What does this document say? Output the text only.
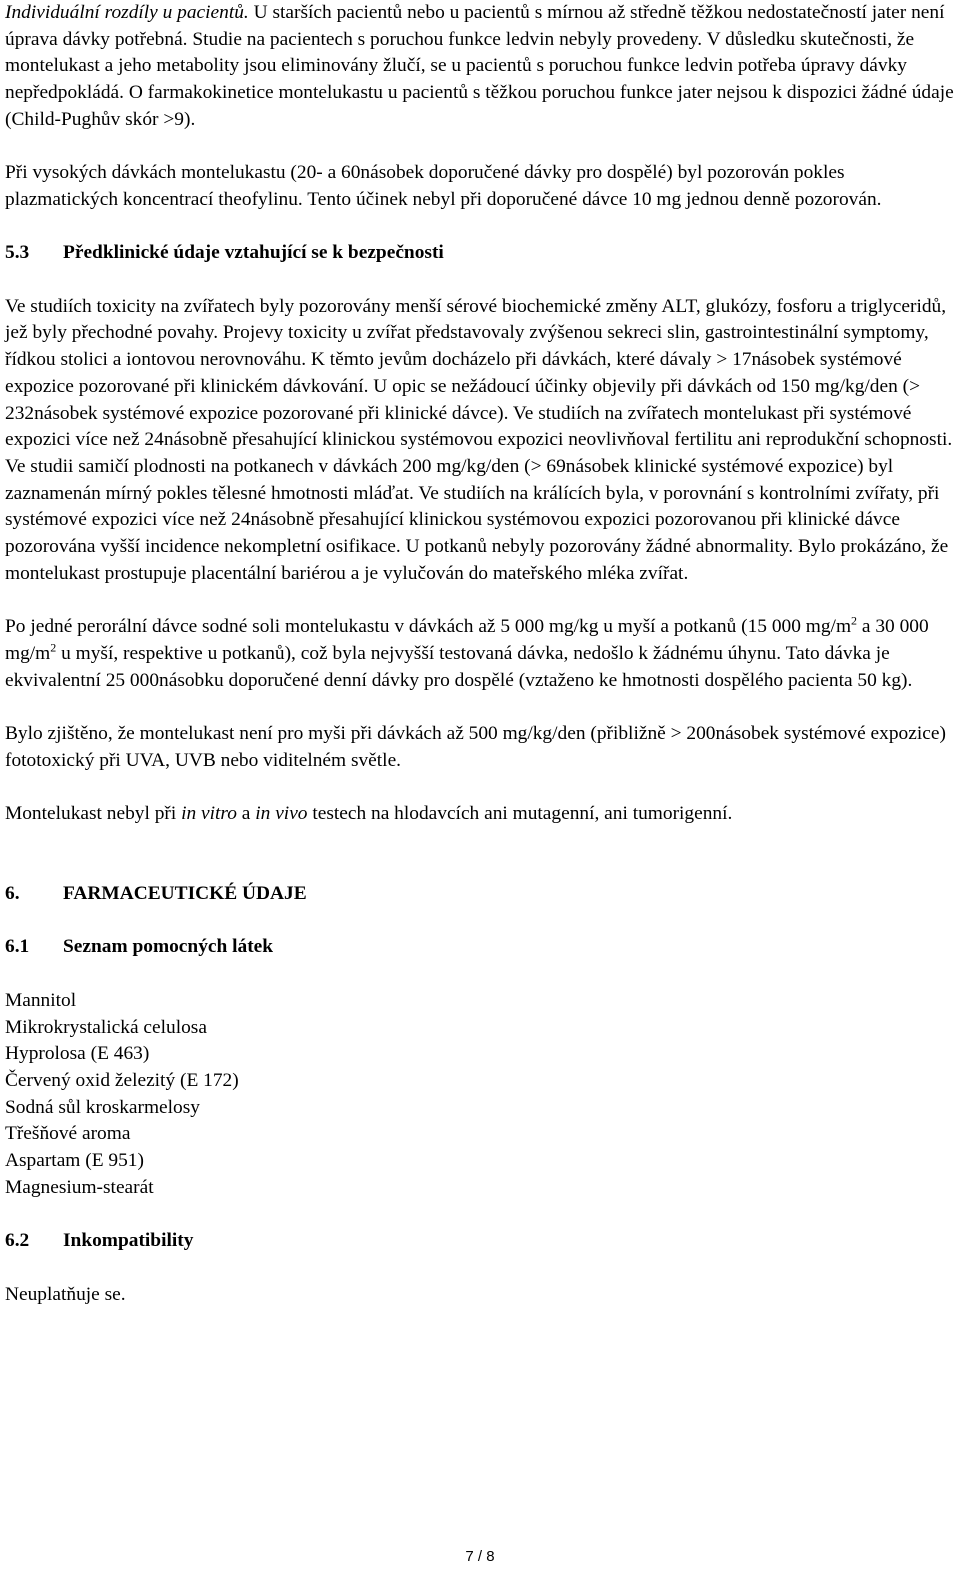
Individuální rozdíly u pacientů. U starších pacientů nebo u pacientů s mírnou až středně těžkou nedostatečností jater není úprava dávky potřebná. Studie na pacientech s poruchou funkce ledvin nebyly provedeny. V důsledku skutečnosti, že montelukast a jeho metabolity jsou eliminovány žlučí, se u pacientů s poruchou funkce ledvin potřeba úpravy dávky nepředpokládá. O farmakokinetice montelukastu u pacientů s těžkou poruchou funkce jater nejsou k dispozici žádné údaje (Child-Pughův skór >9).

Při vysokých dávkách montelukastu (20- a 60násobek doporučené dávky pro dospělé) byl pozorován pokles plazmatických koncentrací theofylinu. Tento účinek nebyl při doporučené dávce 10 mg jednou denně pozorován.

5.3	Předklinické údaje vztahující se k bezpečnosti

Ve studiích toxicity na zvířatech byly pozorovány menší sérové biochemické změny ALT, glukózy, fosforu a triglyceridů, jež byly přechodné povahy. Projevy toxicity u zvířat představovaly zvýšenou sekreci slin, gastrointestinální symptomy, řídkou stolici a iontovou nerovnováhu. K těmto jevům docházelo při dávkách, které dávaly > 17násobek systémové expozice pozorované při klinickém dávkování. U opic se nežádoucí účinky objevily při dávkách od 150 mg/kg/den (> 232násobek systémové expozice pozorované při klinické dávce). Ve studiích na zvířatech montelukast při systémové expozici více než 24násobně přesahující klinickou systémovou expozici neovlivňoval fertilitu ani reprodukční schopnosti. Ve studii samičí plodnosti na potkanech v dávkách 200 mg/kg/den (> 69násobek klinické systémové expozice) byl zaznamenán mírný pokles tělesné hmotnosti mláďat. Ve studiích na králících byla, v porovnání s kontrolními zvířaty, při systémové expozici více než 24násobně přesahující klinickou systémovou expozici pozorovanou při klinické dávce pozorována vyšší incidence nekompletní osifikace. U potkanů nebyly pozorovány žádné abnormality. Bylo prokázáno, že montelukast prostupuje placentální bariérou a je vylučován do mateřského mléka zvířat.

Po jedné perorální dávce sodné soli montelukastu v dávkách až 5 000 mg/kg u myší a potkanů (15 000 $mg/m^2$ a 30 000 $mg/m^2$ u myší, respektive u potkanů), což byla nejvyšší testovaná dávka, nedošlo k žádnému úhynu. Tato dávka je ekvivalentní 25 000násobku doporučené denní dávky pro dospělé (vztaženo ke hmotnosti dospělého pacienta 50 kg).

Bylo zjištěno, že montelukast není pro myši při dávkách až 500 mg/kg/den (přibližně > 200násobek systémové expozice) fototoxický při UVA, UVB nebo viditelném světle.

Montelukast nebyl při in vitro a in vivo testech na hlodavcích ani mutagenní, ani tumorigenní.

6.	FARMACEUTICKÉ ÚDAJE
6.1	Seznam pomocných látek
Mannitol
Mikrokrystalická celulosa
Hyprolosa (E 463)
Červený oxid železitý (E 172)
Sodná sůl kroskarmelosy
Třešňové aroma
Aspartam (E 951)
Magnesium-stearát
6.2	Inkompatibility

Neuplatňuje se.

7 / 8
